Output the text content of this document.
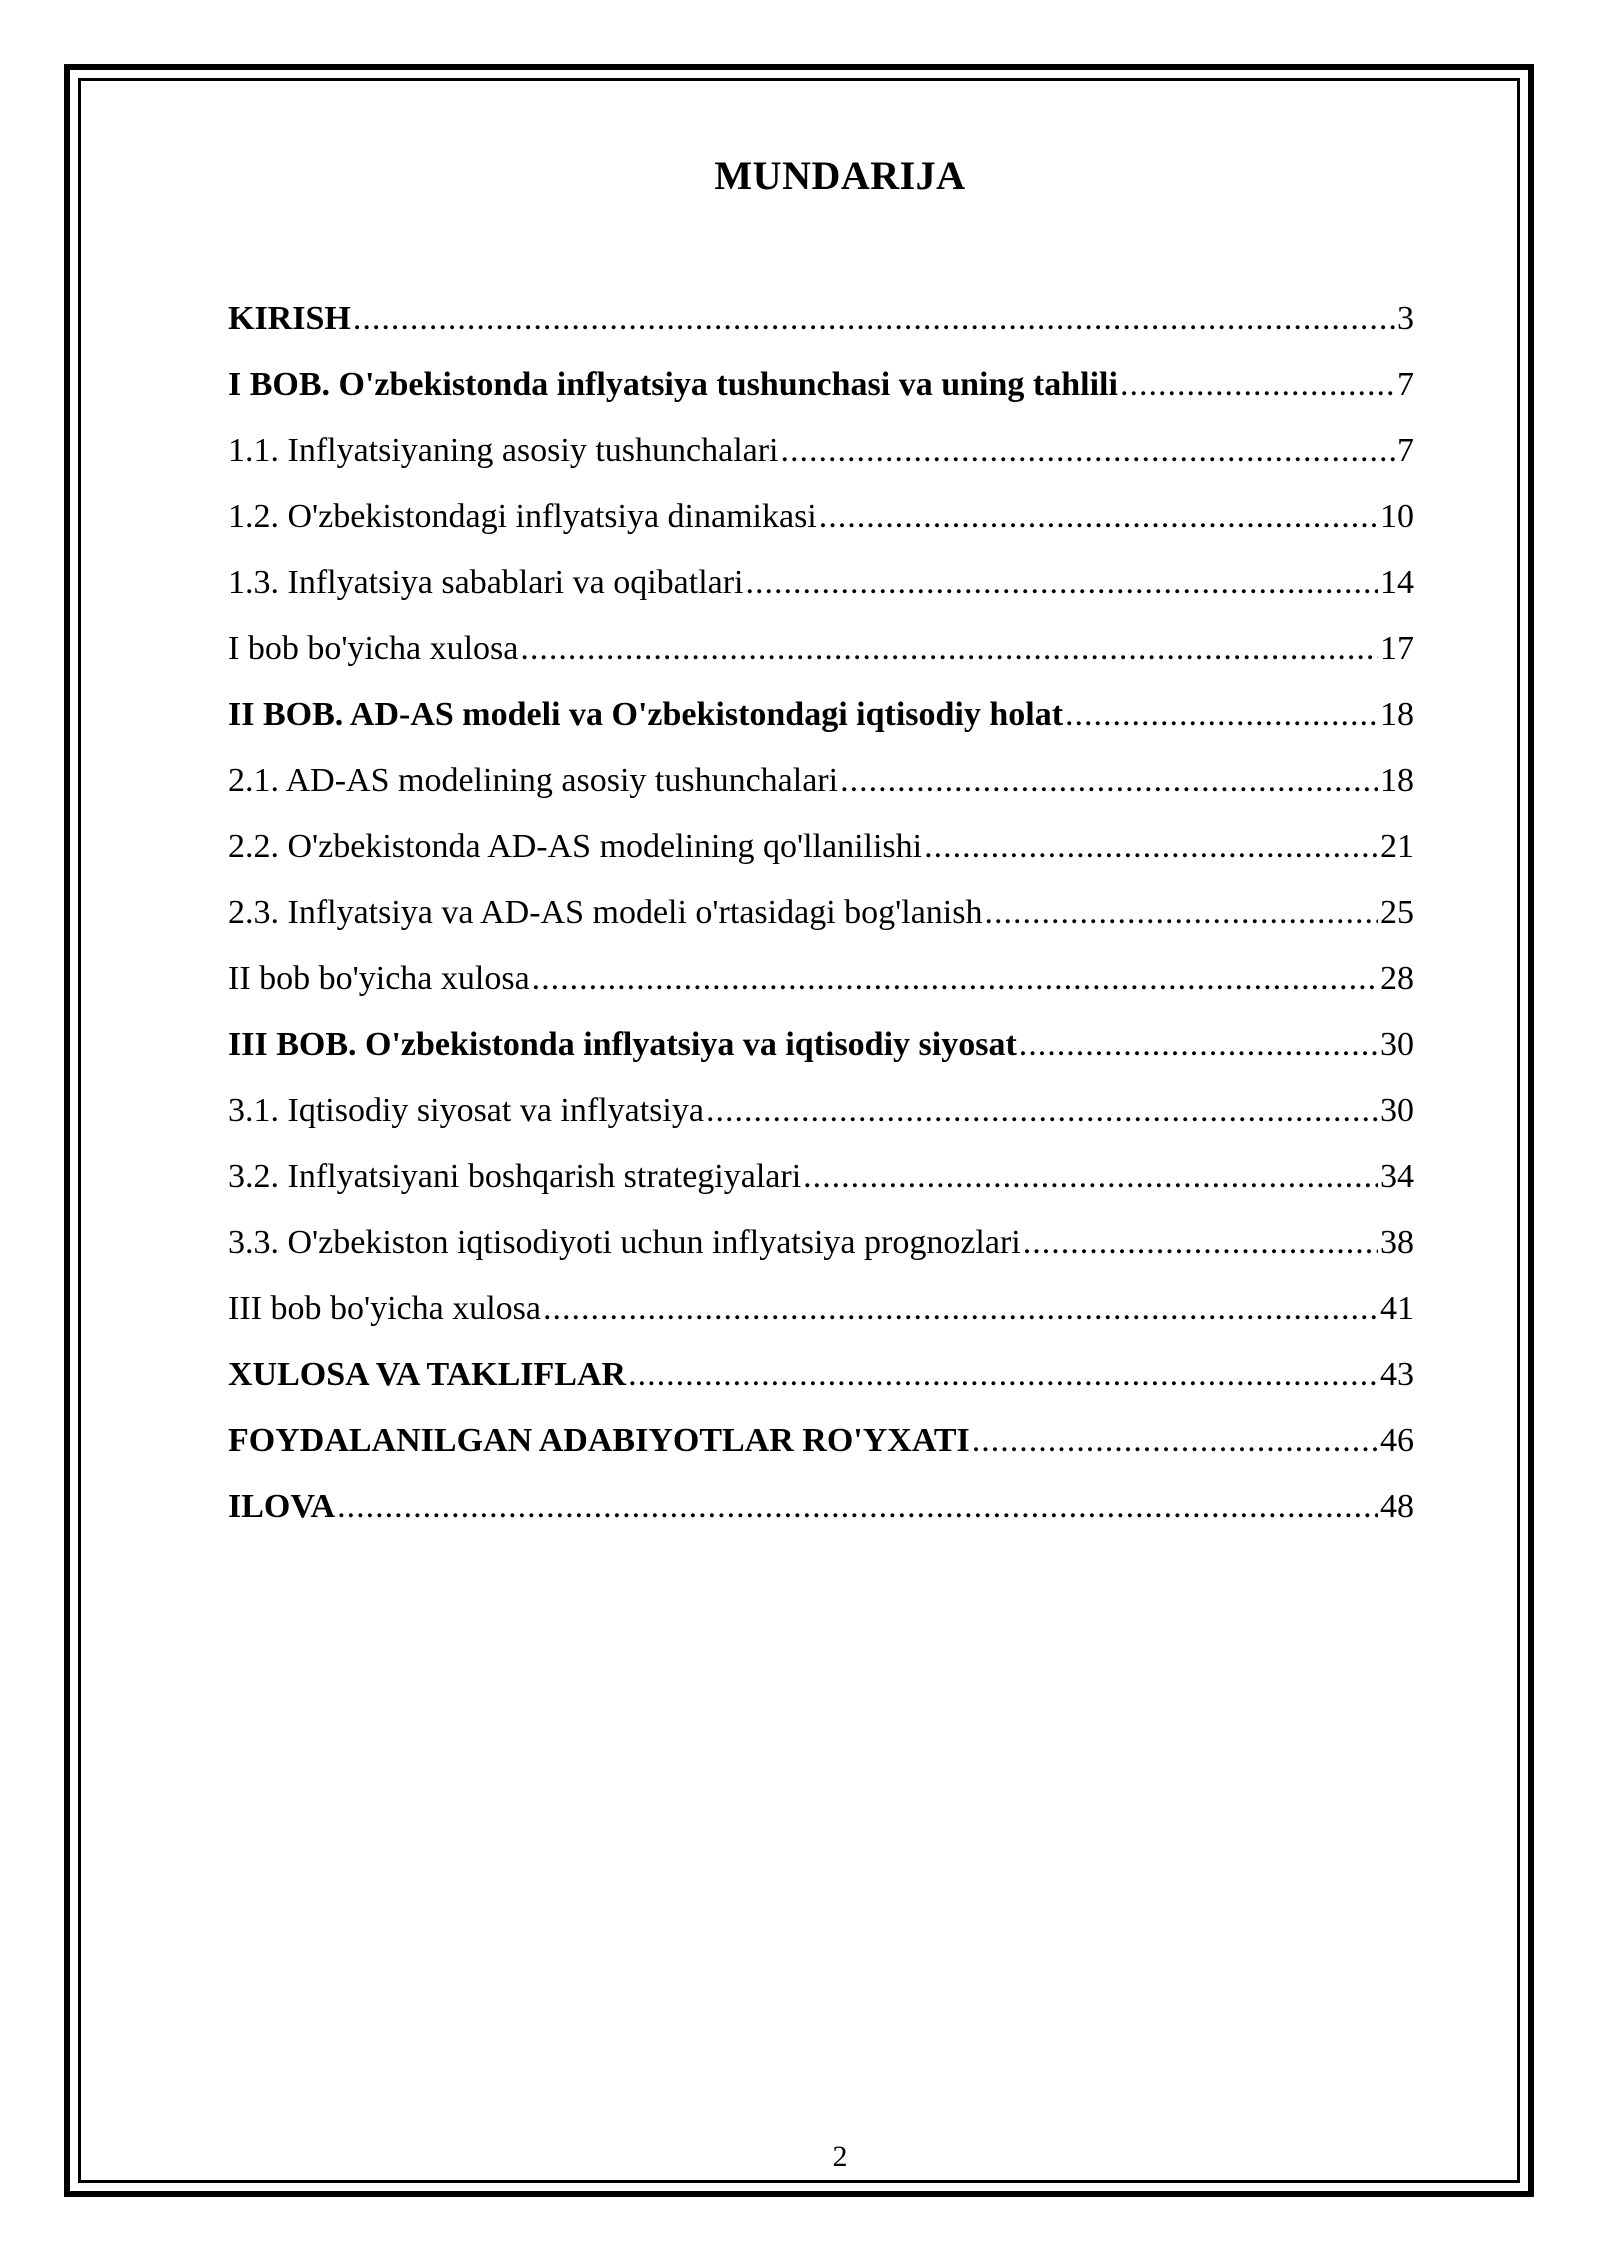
MUNDARIJA
KIRISH .....	3
I BOB. O'zbekistonda inflyatsiya tushunchasi va uning tahlili .....	7
1.1. Inflyatsiyaning asosiy tushunchalari .....	7
1.2. O'zbekistondagi inflyatsiya dinamikasi .....	10
1.3. Inflyatsiya sabablari va oqibatlari .....	14
I bob bo'yicha xulosa .....	17
II BOB. AD-AS modeli va O'zbekistondagi iqtisodiy holat .....	18
2.1. AD-AS modelining asosiy tushunchalari .....	18
2.2. O'zbekistonda AD-AS modelining qo'llanilishi .....	21
2.3. Inflyatsiya va AD-AS modeli o'rtasidagi bog'lanish .....	25
II bob bo'yicha xulosa .....	28
III BOB. O'zbekistonda inflyatsiya va iqtisodiy siyosat .....	30
3.1. Iqtisodiy siyosat va inflyatsiya .....	30
3.2. Inflyatsiyani boshqarish strategiyalari .....	34
3.3. O'zbekiston iqtisodiyoti uchun inflyatsiya prognozlari .....	38
III bob bo'yicha xulosa .....	41
XULOSA VA TAKLIFLAR .....	43
FOYDALANILGAN ADABIYOTLAR RO'YXATI .....	46
ILOVA .....	48
2
